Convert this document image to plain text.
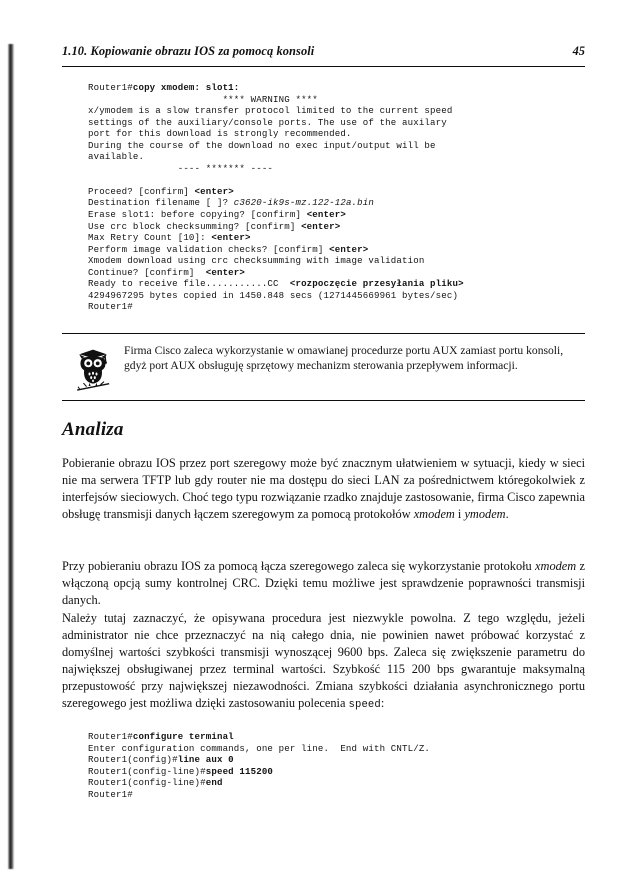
1.10. Kopiowanie obrazu IOS za pomocą konsoli	45
Router1#copy xmodem: slot1:
**** WARNING ****
x/ymodem is a slow transfer protocol limited to the current speed
settings of the auxiliary/console ports. The use of the auxilary
port for this download is strongly recommended.
During the course of the download no exec input/output will be
available.
---- ******* ----

Proceed? [confirm] <enter>
Destination filename [ ]? c3620-ik9s-mz.122-12a.bin
Erase slot1: before copying? [confirm] <enter>
Use crc block checksumming? [confirm] <enter>
Max Retry Count [10]: <enter>
Perform image validation checks? [confirm] <enter>
Xmodem download using crc checksumming with image validation
Continue? [confirm]  <enter>
Ready to receive file...........CC  <rozpoczęcie przesyłania pliku>
4294967295 bytes copied in 1450.848 secs (1271445669961 bytes/sec)
Router1#
Firma Cisco zaleca wykorzystanie w omawianej procedurze portu AUX zamiast portu konsoli, gdyż port AUX obsługuję sprzętowy mechanizm sterowania przepływem informacji.
Analiza
Pobieranie obrazu IOS przez port szeregowy może być znacznym ułatwieniem w sytuacji, kiedy w sieci nie ma serwera TFTP lub gdy router nie ma dostępu do sieci LAN za pośrednictwem któregokolwiek z interfejsów sieciowych. Choć tego typu rozwiązanie rzadko znajduje zastosowanie, firma Cisco zapewnia obsługę transmisji danych łączem szeregowym za pomocą protokołów xmodem i ymodem.
Przy pobieraniu obrazu IOS za pomocą łącza szeregowego zaleca się wykorzystanie protokołu xmodem z włączoną opcją sumy kontrolnej CRC. Dzięki temu możliwe jest sprawdzenie poprawności transmisji danych.
Należy tutaj zaznaczyć, że opisywana procedura jest niezwykle powolna. Z tego względu, jeżeli administrator nie chce przeznaczyć na nią całego dnia, nie powinien nawet próbować korzystać z domyślnej wartości szybkości transmisji wynoszącej 9600 bps. Zaleca się zwiększenie parametru do największej obsługiwanej przez terminal wartości. Szybkość 115 200 bps gwarantuje maksymalną przepustowość przy największej niezawodności. Zmiana szybkości działania asynchronicznego portu szeregowego jest możliwa dzięki zastosowaniu polecenia speed:
Router1#configure terminal
Enter configuration commands, one per line.  End with CNTL/Z.
Router1(config)#line aux 0
Router1(config-line)#speed 115200
Router1(config-line)#end
Router1#
